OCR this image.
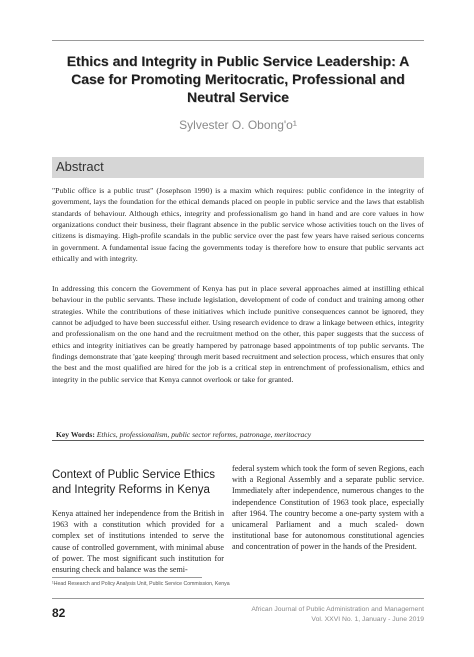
Ethics and Integrity in Public Service Leadership: A Case for Promoting Meritocratic, Professional and Neutral Service
Sylvester O. Obong'o¹
Abstract

"Public office is a public trust" (Josephson 1990) is a maxim which requires: public confidence in the integrity of government, lays the foundation for the ethical demands placed on people in public service and the laws that establish standards of behaviour. Although ethics, integrity and professionalism go hand in hand and are core values in how organizations conduct their business, their flagrant absence in the public service whose activities touch on the lives of citizens is dismaying. High-profile scandals in the public service over the past few years have raised serious concerns in government. A fundamental issue facing the governments today is therefore how to ensure that public servants act ethically and with integrity.

In addressing this concern the Government of Kenya has put in place several approaches aimed at instilling ethical behaviour in the public servants. These include legislation, development of code of conduct and training among other strategies. While the contributions of these initiatives which include punitive consequences cannot be ignored, they cannot be adjudged to have been successful either. Using research evidence to draw a linkage between ethics, integrity and professionalism on the one hand and the recruitment method on the other, this paper suggests that the success of ethics and integrity initiatives can be greatly hampered by patronage based appointments of top public servants. The findings demonstrate that 'gate keeping' through merit based recruitment and selection process, which ensures that only the best and the most qualified are hired for the job is a critical step in entrenchment of professionalism, ethics and integrity in the public service that Kenya cannot overlook or take for granted.

Key Words: Ethics, professionalism, public sector reforms, patronage, meritocracy
Context of Public Service Ethics and Integrity Reforms in Kenya

Kenya attained her independence from the British in 1963 with a constitution which provided for a complex set of institutions intended to serve the cause of controlled government, with minimal abuse of power. The most significant such institution for ensuring check and balance was the semi-

federal system which took the form of seven Regions, each with a Regional Assembly and a separate public service. Immediately after independence, numerous changes to the independence Constitution of 1963 took place, especially after 1964. The country become a one-party system with a unicameral Parliament and a much scaled- down institutional base for autonomous constitutional agencies and concentration of power in the hands of the President.

¹Head Research and Policy Analysis Unit, Public Service Commission, Kenya
82	African Journal of Public Administration and Management
Vol. XXVI No. 1, January - June 2019
